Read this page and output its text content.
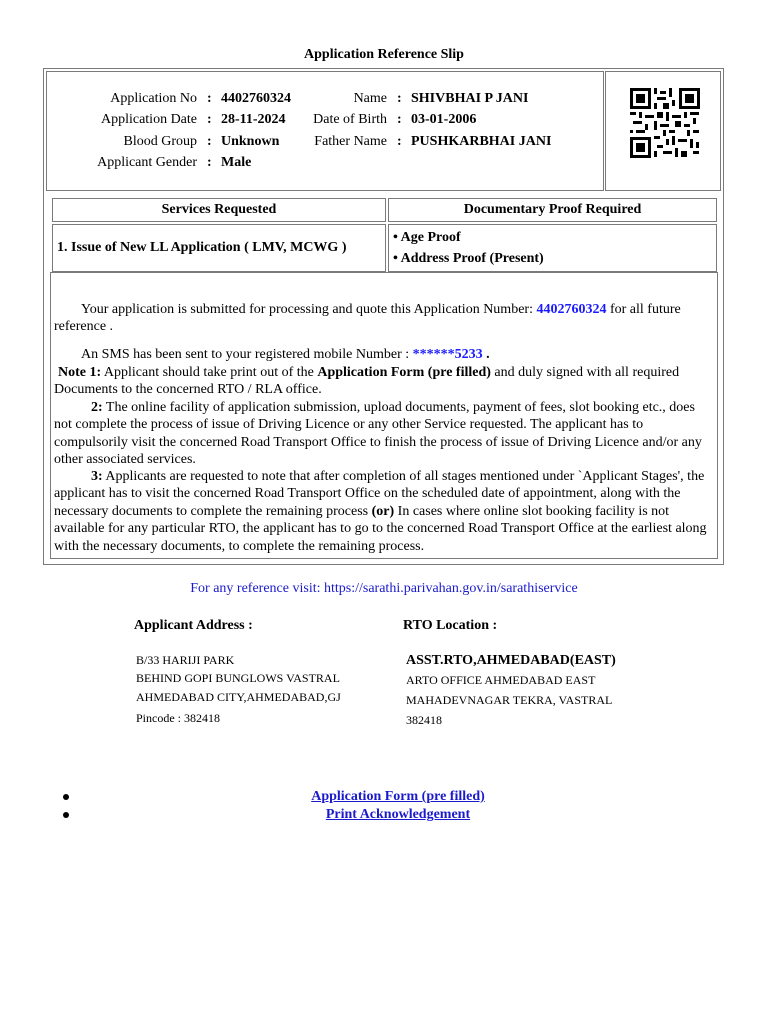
Application Reference Slip
Application No : 4402760324
Application Date : 28-11-2024
Blood Group : Unknown
Applicant Gender : Male
Name : SHIVBHAI P JANI
Date of Birth : 03-01-2006
Father Name : PUSHKARBHAI JANI
Services Requested	Documentary Proof Required
1. Issue of New LL Application ( LMV, MCWG )	• Age Proof
• Address Proof (Present)

Your application is submitted for processing and quote this Application Number: 4402760324 for all future reference .

An SMS has been sent to your registered mobile Number : ******5233 .

Note 1: Applicant should take print out of the Application Form (pre filled) and duly signed with all required Documents to the concerned RTO / RLA office.

2: The online facility of application submission, upload documents, payment of fees, slot booking etc., does not complete the process of issue of Driving Licence or any other Service requested. The applicant has to compulsorily visit the concerned Road Transport Office to finish the process of issue of Driving Licence and/or any other associated services.

3: Applicants are requested to note that after completion of all stages mentioned under `Applicant Stages', the applicant has to visit the concerned Road Transport Office on the scheduled date of appointment, along with the necessary documents to complete the remaining process (or) In cases where online slot booking facility is not available for any particular RTO, the applicant has to go to the concerned Road Transport Office at the earliest along with the necessary documents, to complete the remaining process.

For any reference visit: https://sarathi.parivahan.gov.in/sarathiservice
Applicant Address :
B/33 HARIJI PARK
BEHIND GOPI BUNGLOWS VASTRAL
AHMEDABAD CITY,AHMEDABAD,GJ
Pincode : 382418
RTO Location :
ASST.RTO,AHMEDABAD(EAST)
ARTO OFFICE AHMEDABAD EAST
MAHADEVNAGAR TEKRA, VASTRAL
382418
Application Form (pre filled)
Print Acknowledgement
